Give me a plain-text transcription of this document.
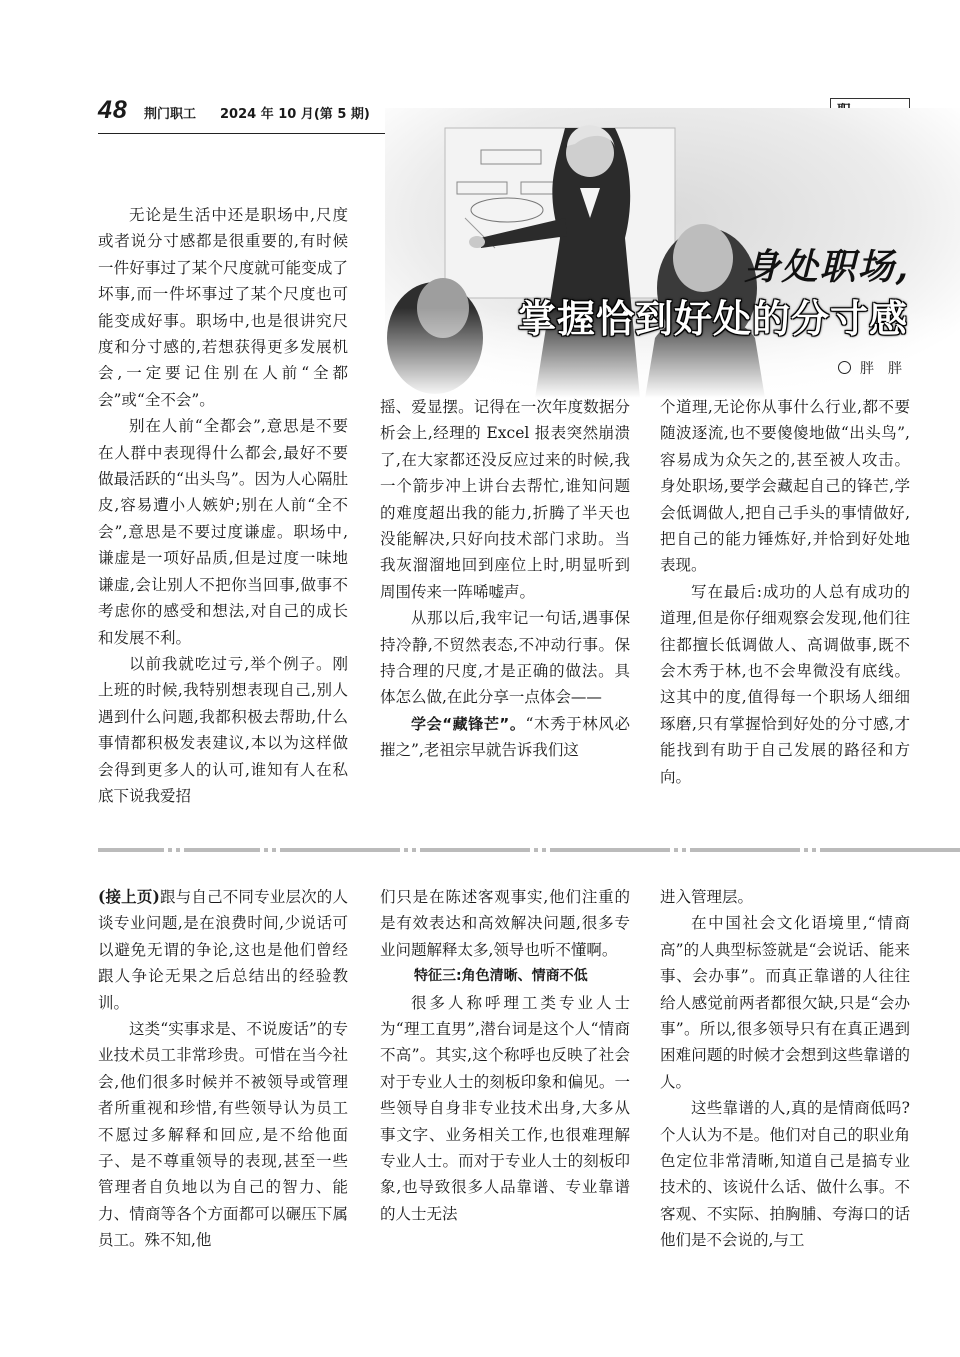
48 荆门职工 2024 年 10 月(第 5 期)
身处职场,
掌握恰到好处的分寸感
胖　胖

无论是生活中还是职场中,尺度或者说分寸感都是很重要的,有时候一件好事过了某个尺度就可能变成了坏事,而一件坏事过了某个尺度也可能变成好事。职场中,也是很讲究尺度和分寸感的,若想获得更多发展机会,一定要记住别在人前“全都会”或“全不会”。

别在人前“全都会”,意思是不要在人群中表现得什么都会,最好不要做最活跃的“出头鸟”。因为人心隔肚皮,容易遭小人嫉妒;别在人前“全不会”,意思是不要过度谦虚。职场中,谦虚是一项好品质,但是过度一味地谦虚,会让别人不把你当回事,做事不考虑你的感受和想法,对自己的成长和发展不利。

以前我就吃过亏,举个例子。刚上班的时候,我特别想表现自己,别人遇到什么问题,我都积极去帮助,什么事情都积极发表建议,本以为这样做会得到更多人的认可,谁知有人在私底下说我爱招

摇、爱显摆。记得在一次年度数据分析会上,经理的 Excel 报表突然崩溃了,在大家都还没反应过来的时候,我一个箭步冲上讲台去帮忙,谁知问题的难度超出我的能力,折腾了半天也没能解决,只好向技术部门求助。当我灰溜溜地回到座位上时,明显听到周围传来一阵唏嘘声。

从那以后,我牢记一句话,遇事保持冷静,不贸然表态,不冲动行事。保持合理的尺度,才是正确的做法。具体怎么做,在此分享一点体会——

学会“藏锋芒”。“木秀于林风必摧之”,老祖宗早就告诉我们这

个道理,无论你从事什么行业,都不要随波逐流,也不要傻傻地做“出头鸟”,容易成为众矢之的,甚至被人攻击。身处职场,要学会藏起自己的锋芒,学会低调做人,把自己手头的事情做好,把自己的能力锤炼好,并恰到好处地表现。

写在最后:成功的人总有成功的道理,但是你仔细观察会发现,他们往往都擅长低调做人、高调做事,既不会木秀于林,也不会卑微没有底线。这其中的度,值得每一个职场人细细琢磨,只有掌握恰到好处的分寸感,才能找到有助于自己发展的路径和方向。

(接上页)跟与自己不同专业层次的人谈专业问题,是在浪费时间,少说话可以避免无谓的争论,这也是他们曾经跟人争论无果之后总结出的经验教训。

这类“实事求是、不说废话”的专业技术员工非常珍贵。可惜在当今社会,他们很多时候并不被领导或管理者所重视和珍惜,有些领导认为员工不愿过多解释和回应,是不给他面子、是不尊重领导的表现,甚至一些管理者自负地以为自己的智力、能力、情商等各个方面都可以碾压下属员工。殊不知,他

们只是在陈述客观事实,他们注重的是有效表达和高效解决问题,很多专业问题解释太多,领导也听不懂啊。

特征三:角色清晰、情商不低

很多人称呼理工类专业人士为“理工直男”,潜台词是这个人“情商不高”。其实,这个称呼也反映了社会对于专业人士的刻板印象和偏见。一些领导自身非专业技术出身,大多从事文字、业务相关工作,也很难理解专业人士。而对于专业人士的刻板印象,也导致很多人品靠谱、专业靠谱的人士无法

进入管理层。

在中国社会文化语境里,“情商高”的人典型标签就是“会说话、能来事、会办事”。而真正靠谱的人往往给人感觉前两者都很欠缺,只是“会办事”。所以,很多领导只有在真正遇到困难问题的时候才会想到这些靠谱的人。

这些靠谱的人,真的是情商低吗?个人认为不是。他们对自己的职业角色定位非常清晰,知道自己是搞专业技术的、该说什么话、做什么事。不客观、不实际、拍胸脯、夸海口的话他们是不会说的,与工
